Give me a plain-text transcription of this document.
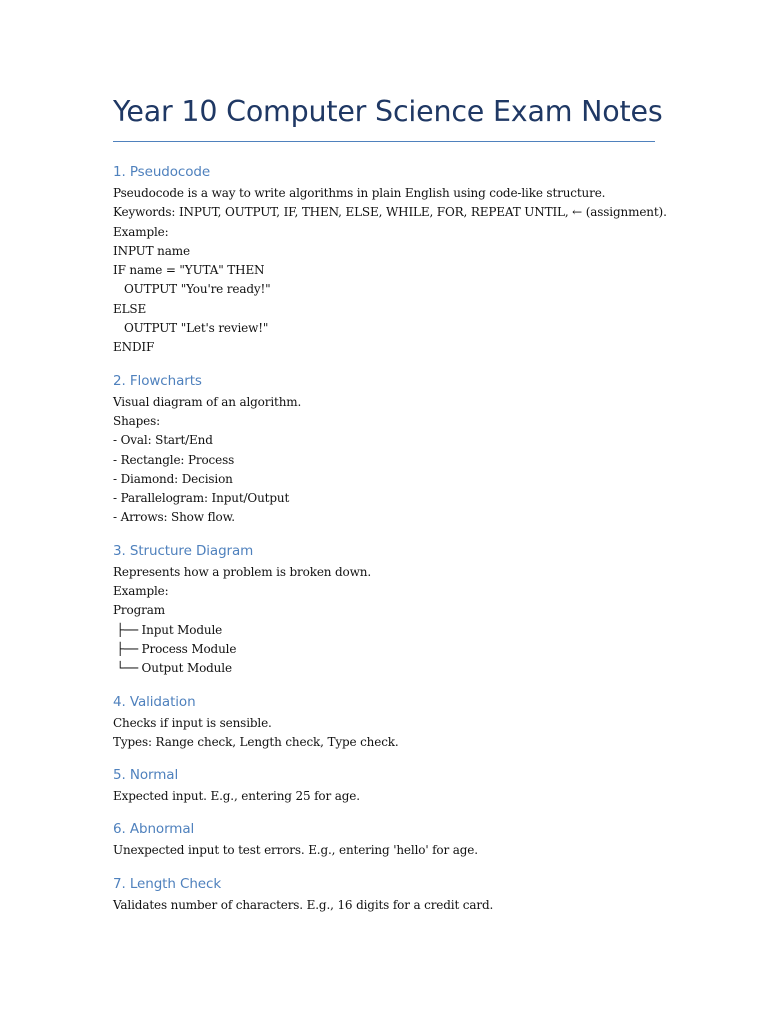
Year 10 Computer Science Exam Notes
1. Pseudocode

Pseudocode is a way to write algorithms in plain English using code-like structure.

Keywords: INPUT, OUTPUT, IF, THEN, ELSE, WHILE, FOR, REPEAT UNTIL, ← (assignment).

Example:

INPUT name

IF name = "YUTA" THEN

OUTPUT "You're ready!"

ELSE

OUTPUT "Let's review!"

ENDIF

2. Flowcharts

Visual diagram of an algorithm.

Shapes:

- Oval: Start/End

- Rectangle: Process

- Diamond: Decision

- Parallelogram: Input/Output

- Arrows: Show flow.

3. Structure Diagram

Represents how a problem is broken down.

Example:

Program

├── Input Module

├── Process Module

└── Output Module

4. Validation

Checks if input is sensible.

Types: Range check, Length check, Type check.

5. Normal

Expected input. E.g., entering 25 for age.

6. Abnormal

Unexpected input to test errors. E.g., entering 'hello' for age.

7. Length Check

Validates number of characters. E.g., 16 digits for a credit card.
